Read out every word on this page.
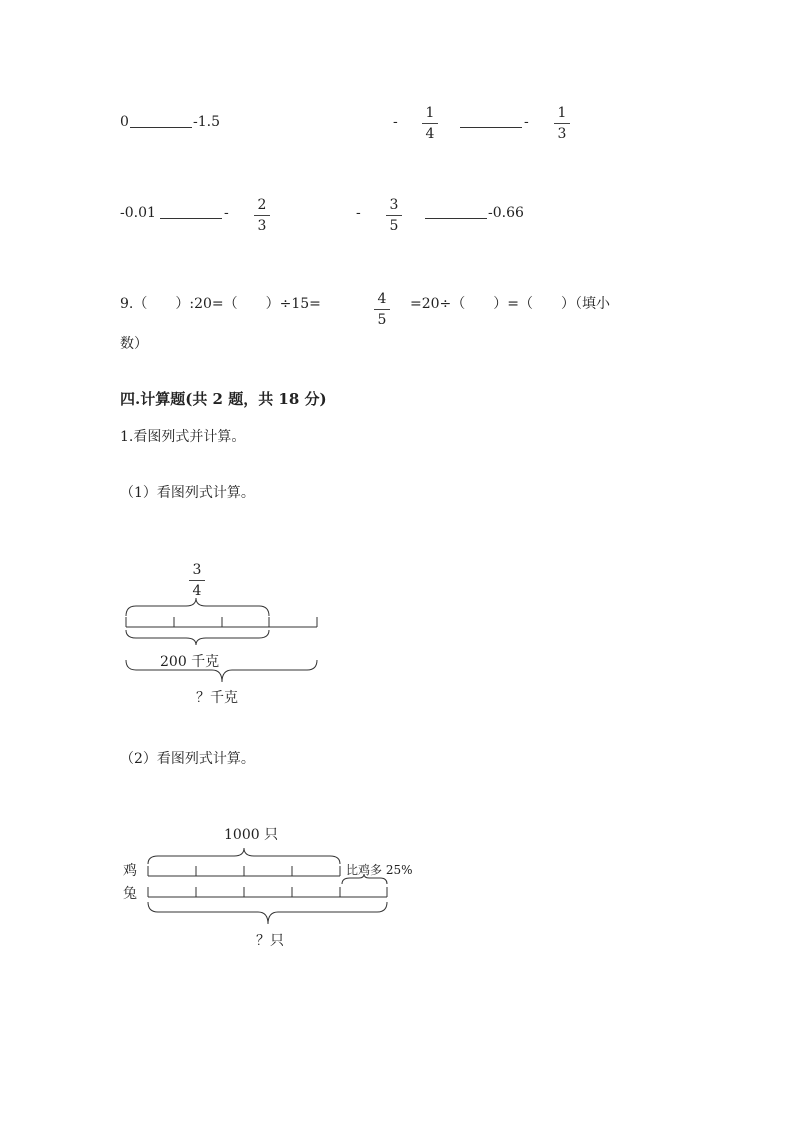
0	-1.5	-
1
4
-
1
3
-0.01	- 2
3
- 3
5
-0.66
9.（　　）:20=（　　）÷15=	4
5
=20÷（　　）=（　　）（填小
数）
四.计算题(共 2 题，共 18 分)
1.看图列式并计算。
（1）看图列式计算。
3
4
200 千克
？千克
（2）看图列式计算。
1000 只
鸡
兔
比鸡多 25%
？只
